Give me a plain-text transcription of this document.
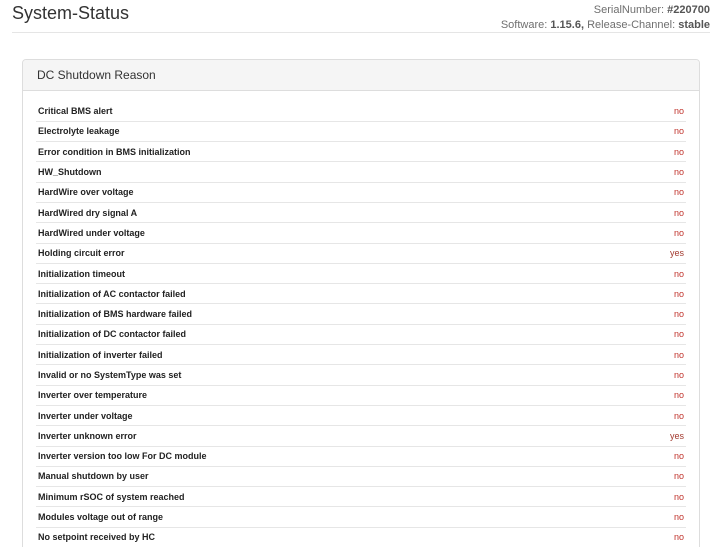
System-Status	SerialNumber: #220700
Software: 1.15.6, Release-Channel: stable
DC Shutdown Reason
Critical BMS alert	no
Electrolyte leakage	no
Error condition in BMS initialization	no
HW_Shutdown	no
HardWire over voltage	no
HardWired dry signal A	no
HardWired under voltage	no
Holding circuit error	yes
Initialization timeout	no
Initialization of AC contactor failed	no
Initialization of BMS hardware failed	no
Initialization of DC contactor failed	no
Initialization of inverter failed	no
Invalid or no SystemType was set	no
Inverter over temperature	no
Inverter under voltage	no
Inverter unknown error	yes
Inverter version too low For DC module	no
Manual shutdown by user	no
Minimum rSOC of system reached	no
Modules voltage out of range	no
No setpoint received by HC	no
